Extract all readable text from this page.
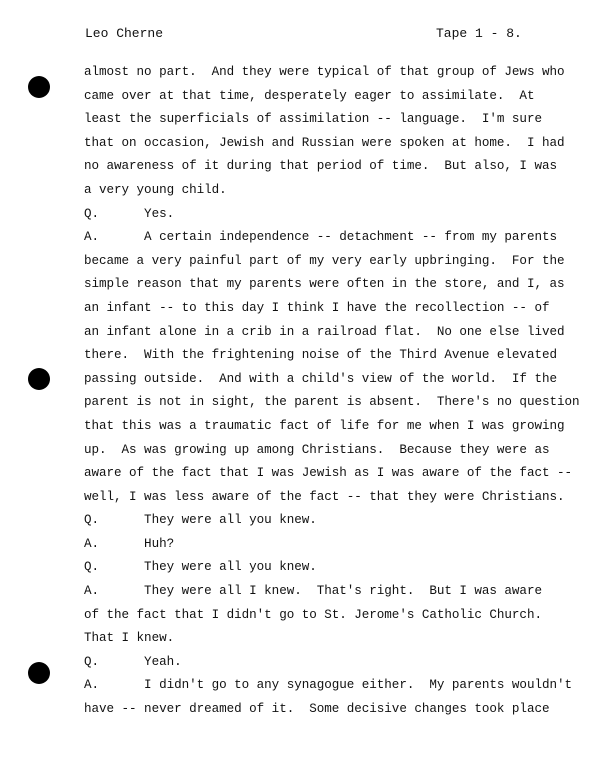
Leo Cherne	Tape 1 - 8.
almost no part.  And they were typical of that group of Jews who
came over at that time, desperately eager to assimilate.  At
least the superficials of assimilation -- language.  I'm sure
that on occasion, Jewish and Russian were spoken at home.  I had
no awareness of it during that period of time.  But also, I was
a very young child.
Q.      Yes.
A.      A certain independence -- detachment -- from my parents
became a very painful part of my very early upbringing.  For the
simple reason that my parents were often in the store, and I, as
an infant -- to this day I think I have the recollection -- of
an infant alone in a crib in a railroad flat.  No one else lived
there.  With the frightening noise of the Third Avenue elevated
passing outside.  And with a child's view of the world.  If the
parent is not in sight, the parent is absent.  There's no question
that this was a traumatic fact of life for me when I was growing
up.  As was growing up among Christians.  Because they were as
aware of the fact that I was Jewish as I was aware of the fact --
well, I was less aware of the fact -- that they were Christians.
Q.      They were all you knew.
A.      Huh?
Q.      They were all you knew.
A.      They were all I knew.  That's right.  But I was aware
of the fact that I didn't go to St. Jerome's Catholic Church.
That I knew.
Q.      Yeah.
A.      I didn't go to any synagogue either.  My parents wouldn't
have -- never dreamed of it.  Some decisive changes took place
